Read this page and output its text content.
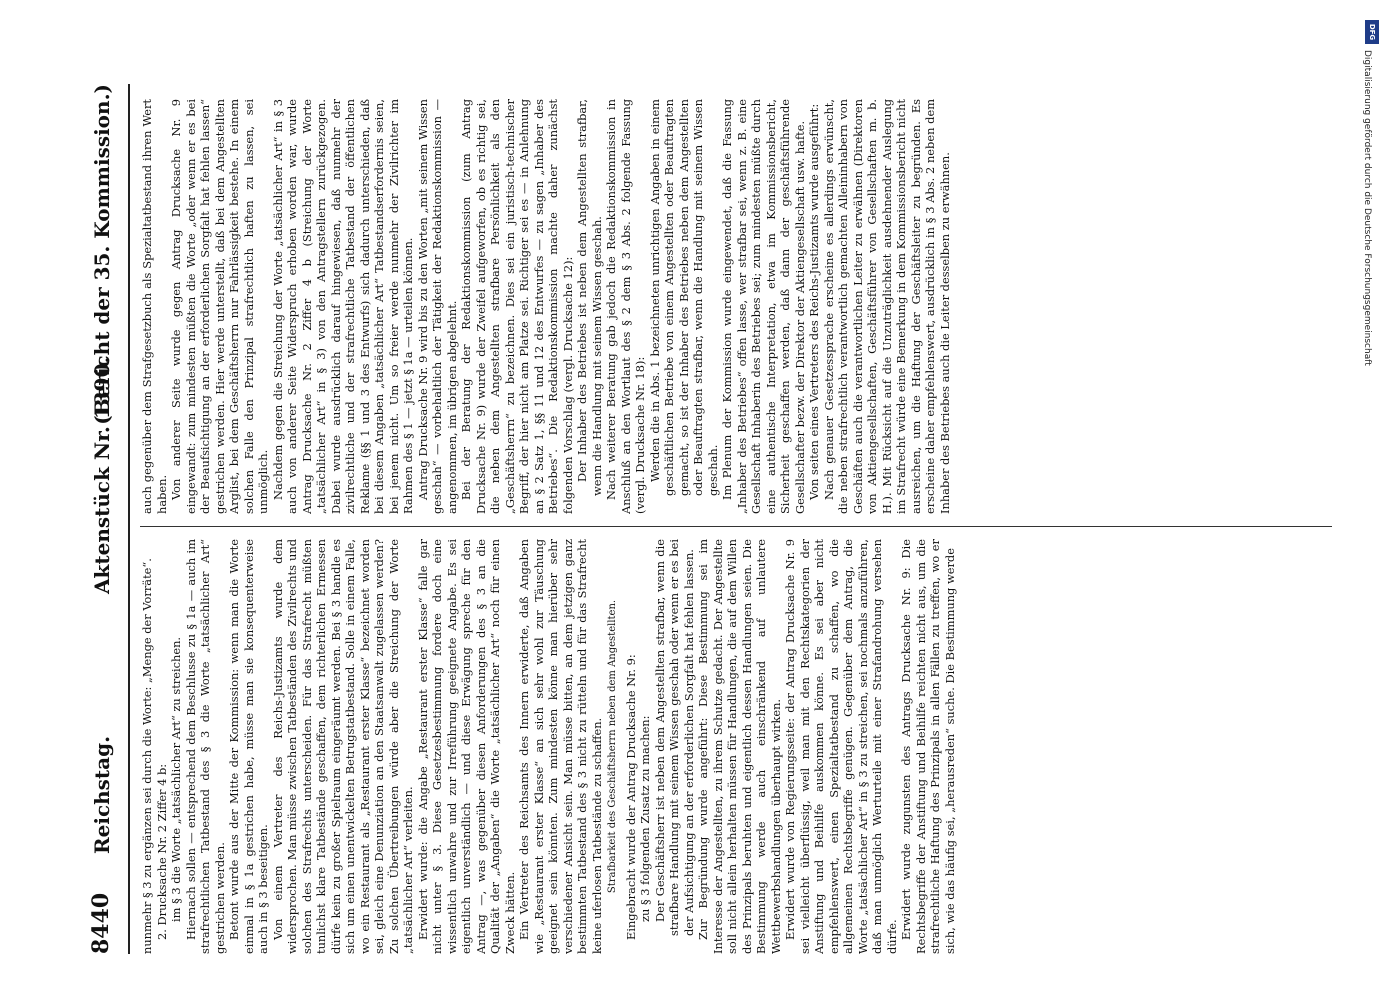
8440
Reichstag.
Aktenstück Nr. 1390.
(Bericht der 35. Kommission.)

nunmehr § 3 zu ergänzen sei durch die Worte: „Menge der Vorräte“. 2. Drucksache Nr. 2 Ziffer 4 b: im § 3 die Worte „tatsächlicher Art“ zu streichen. Hiernach sollen — entsprechend dem Beschlusse zu § 1a — auch im strafrechtlichen Tatbestand des § 3 die Worte „tatsächlicher Art“ gestrichen werden. Betont wurde aus der Mitte der Kommission: wenn man die Worte einmal in § 1a gestrichen habe, müsse man sie konsequenterweise auch in § 3 beseitigen. Von einem Vertreter des Reichs-Justizamts wurde dem widersprochen. Man müsse zwischen Tatbeständen des Zivilrechts und solchen des Strafrechts unterscheiden. Für das Strafrecht müßten tunlichst klare Tatbestände geschaffen, dem richterlichen Ermessen dürfe kein zu großer Spielraum eingeräumt werden. Bei § 3 handle es sich um einen unentwickelten Betrugstatbestand. Solle in einem Falle, wo ein Restaurant als „Restaurant erster Klasse“ bezeichnet worden sei, gleich eine Denunziation an den Staatsanwalt zugelassen werden? Zu solchen Übertreibungen würde aber die Streichung der Worte „tatsächlicher Art“ verleiten. Erwidert wurde: die Angabe „Restaurant erster Klasse“ falle gar nicht unter § 3. Diese Gesetzesbestimmung fordere doch eine wissentlich unwahre und zur Irreführung geeignete Angabe. Es sei eigentlich unverständlich — und diese Erwägung spreche für den Antrag —, was gegenüber diesen Anforderungen des § 3 an die Qualität der „Angaben“ die Worte „tatsächlicher Art“ noch für einen Zweck hätten. Ein Vertreter des Reichsamts des Innern erwiderte, daß Angaben wie „Restaurant erster Klasse“ an sich sehr wohl zur Täuschung geeignet sein könnten. Zum mindesten könne man hierüber sehr verschiedener Ansicht sein. Man müsse bitten, an dem jetzigen ganz bestimmten Tatbestand des § 3 nicht zu rütteln und für das Strafrecht keine uferlosen Tatbestände zu schaffen. Strafbarkeit des Geschäftsherrn neben dem Angestellten. Eingebracht wurde der Antrag Drucksache Nr. 9: zu § 3 folgenden Zusatz zu machen: Der Geschäftsherr ist neben dem Angestellten strafbar, wenn die strafbare Handlung mit seinem Wissen geschah oder wenn er es bei der Aufsichtigung an der erforderlichen Sorgfalt hat fehlen lassen. Zur Begründung wurde angeführt: Diese Bestimmung sei im Interesse der Angestellten, zu ihrem Schutze gedacht. Der Angestellte soll nicht allein herhalten müssen für Handlungen, die auf dem Willen des Prinzipals beruhten und eigentlich dessen Handlungen seien. Die Bestimmung werde auch einschränkend auf unlautere Wettbewerbshandlungen überhaupt wirken. Erwidert wurde von Regierungsseite: der Antrag Drucksache Nr. 9 sei vielleicht überflüssig, weil man mit den Rechtskategorien der Anstiftung und Beihilfe auskommen könne. Es sei aber nicht empfehlenswert, einen Spezialtatbestand zu schaffen, wo die allgemeinen Rechtsbegriffe genügen. Gegenüber dem Antrag, die Worte „tatsächlicher Art“ in § 3 zu streichen, sei nochmals anzuführen, daß man unmöglich Werturteile mit einer Strafandrohung versehen dürfe. Erwidert wurde zugunsten des Antrags Drucksache Nr. 9: Die Rechtsbegriffe der Anstiftung und Beihilfe reichten nicht aus, um die strafrechtliche Haftung des Prinzipals in allen Fällen zu treffen, wo er sich, wie das häufig sei, „herausreden“ suche. Die Bestimmung werde

auch gegenüber dem Strafgesetzbuch als Spezialtatbestand ihren Wert haben. Von anderer Seite wurde gegen Antrag Drucksache Nr. 9 eingewandt: zum mindesten müßten die Worte „oder wenn er es bei der Beaufsichtigung an der erforderlichen Sorgfalt hat fehlen lassen“ gestrichen werden. Hier werde unterstellt, daß bei dem Angestellten Arglist, bei dem Geschäftsherrn nur Fahrlässigkeit bestehe. In einem solchen Falle den Prinzipal strafrechtlich haften zu lassen, sei unmöglich. Nachdem gegen die Streichung der Worte „tatsächlicher Art“ in § 3 auch von anderer Seite Widerspruch erhoben worden war, wurde Antrag Drucksache Nr. 2 Ziffer 4 b (Streichung der Worte „tatsächlicher Art“ in § 3) von den Antragstellern zurückgezogen. Dabei wurde ausdrücklich darauf hingewiesen, daß nunmehr der zivilrechtliche und der strafrechtliche Tatbestand der öffentlichen Reklame (§§ 1 und 3 des Entwurfs) sich dadurch unterschieden, daß bei diesem Angaben „tatsächlicher Art“ Tatbestandserfordernis seien, bei jenem nicht. Um so freier werde nunmehr der Zivilrichter im Rahmen des § 1 — jetzt § 1a — urteilen können. Antrag Drucksache Nr. 9 wird bis zu den Worten „mit seinem Wissen geschah“ — vorbehaltlich der Tätigkeit der Redaktionskommission — angenommen, im übrigen abgelehnt. Bei der Beratung der Redaktionskommission (zum Antrag Drucksache Nr. 9) wurde der Zweifel aufgeworfen, ob es richtig sei, die neben dem Angestellten strafbare Persönlichkeit als den „Geschäftsherrn“ zu bezeichnen. Dies sei ein juristisch-technischer Begriff, der hier nicht am Platze sei. Richtiger sei es — in Anlehnung an § 2 Satz 1, §§ 11 und 12 des Entwurfes — zu sagen „Inhaber des Betriebes“. Die Redaktionskommission machte daher zunächst folgenden Vorschlag (vergl. Drucksache 12): Der Inhaber des Betriebes ist neben dem Angestellten strafbar, wenn die Handlung mit seinem Wissen geschah. Nach weiterer Beratung gab jedoch die Redaktionskommission in Anschluß an den Wortlaut des § 2 dem § 3 Abs. 2 folgende Fassung (vergl. Drucksache Nr. 18): Werden die in Abs. 1 bezeichneten unrichtigen Angaben in einem geschäftlichen Betriebe von einem Angestellten oder Beauftragten gemacht, so ist der Inhaber des Betriebes neben dem Angestellten oder Beauftragten strafbar, wenn die Handlung mit seinem Wissen geschah. Im Plenum der Kommission wurde eingewendet, daß die Fassung „Inhaber des Betriebes“ offen lasse, wer strafbar sei, wenn z. B. eine Gesellschaft Inhaberin des Betriebes sei; zum mindesten müßte durch eine authentische Interpretation, etwa im Kommissionsbericht, Sicherheit geschaffen werden, daß dann der geschäftsführende Gesellschafter bezw. der Direktor der Aktiengesellschaft usw. hafte. Von seiten eines Vertreters des Reichs-Justizamts wurde ausgeführt: Nach genauer Gesetzessprache erscheine es allerdings erwünscht, die neben strafrechtlich verantwortlich gemachten Alleininhabern von Geschäften auch die verantwortlichen Leiter zu erwähnen (Direktoren von Aktiengesellschaften, Geschäftsführer von Gesellschaften m. b. H.). Mit Rücksicht auf die Unzuträglichkeit ausdehnender Auslegung im Strafrecht würde eine Bemerkung in dem Kommissionsbericht nicht ausreichen, um die Haftung der Geschäftsleiter zu begründen. Es erscheine daher empfehlenswert, ausdrücklich in § 3 Abs. 2 neben dem Inhaber des Betriebes auch die Leiter desselben zu erwähnen.

DFG
Digitalisierung gefördert durch die Deutsche Forschungsgemeinschaft
